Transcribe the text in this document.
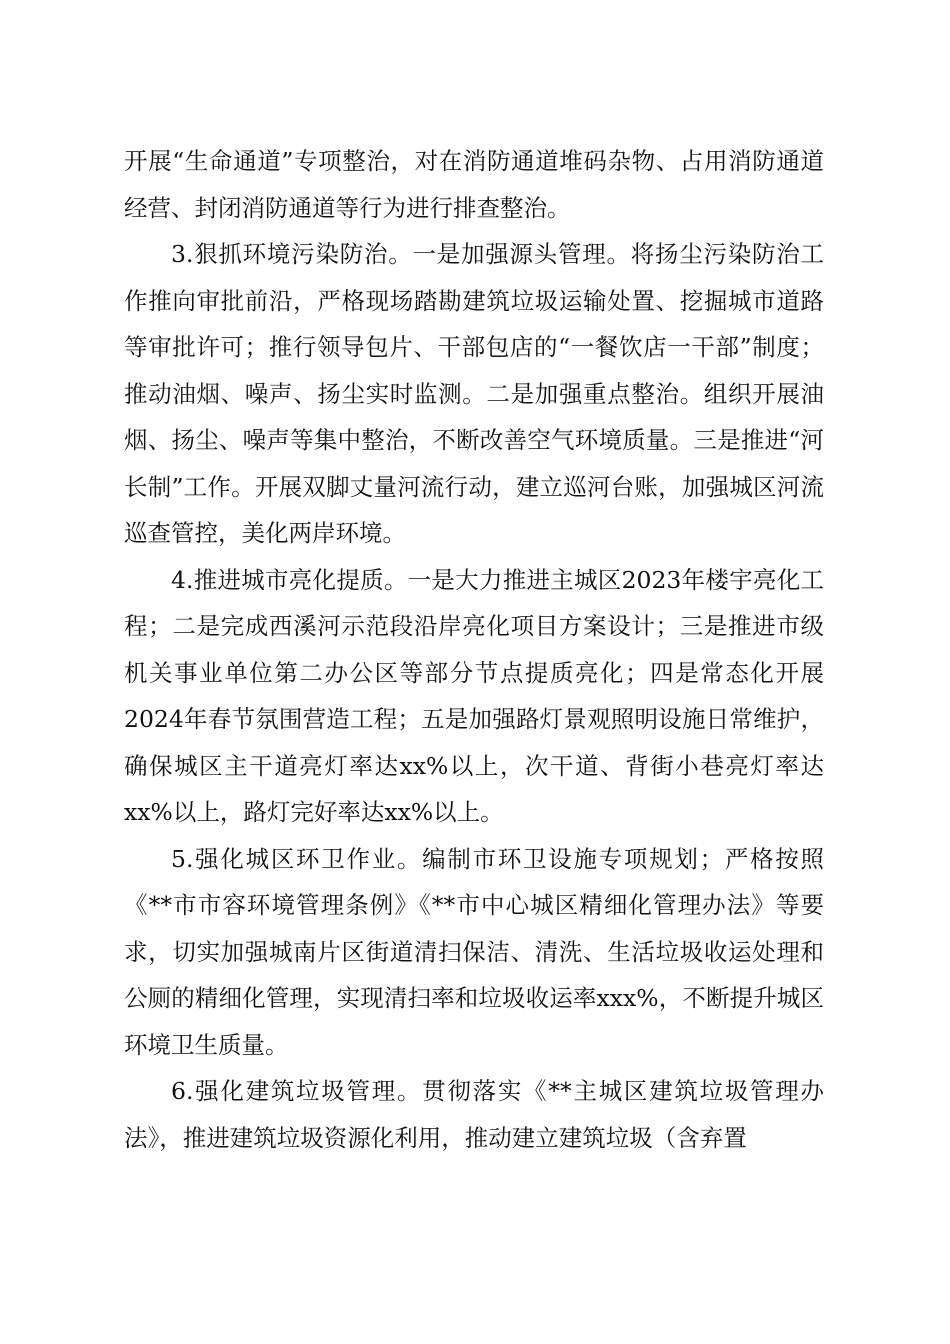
开展“生命通道”专项整治，对在消防通道堆码杂物、占用消防通道经营、封闭消防通道等行为进行排查整治。

3.狠抓环境污染防治。一是加强源头管理。将扬尘污染防治工作推向审批前沿，严格现场踏勘建筑垃圾运输处置、挖掘城市道路等审批许可；推行领导包片、干部包店的“一餐饮店一干部”制度；推动油烟、噪声、扬尘实时监测。二是加强重点整治。组织开展油烟、扬尘、噪声等集中整治，不断改善空气环境质量。三是推进“河长制”工作。开展双脚丈量河流行动，建立巡河台账，加强城区河流巡查管控，美化两岸环境。

4.推进城市亮化提质。一是大力推进主城区2023年楼宇亮化工程；二是完成西溪河示范段沿岸亮化项目方案设计；三是推进市级机关事业单位第二办公区等部分节点提质亮化；四是常态化开展2024年春节氛围营造工程；五是加强路灯景观照明设施日常维护，确保城区主干道亮灯率达xx%以上，次干道、背街小巷亮灯率达xx%以上，路灯完好率达xx%以上。

5.强化城区环卫作业。编制市环卫设施专项规划；严格按照《**市市容环境管理条例》《**市中心城区精细化管理办法》等要求，切实加强城南片区街道清扫保洁、清洗、生活垃圾收运处理和公厕的精细化管理，实现清扫率和垃圾收运率xxx%，不断提升城区环境卫生质量。

6.强化建筑垃圾管理。贯彻落实《**主城区建筑垃圾管理办法》，推进建筑垃圾资源化利用，推动建立建筑垃圾（含弃置
